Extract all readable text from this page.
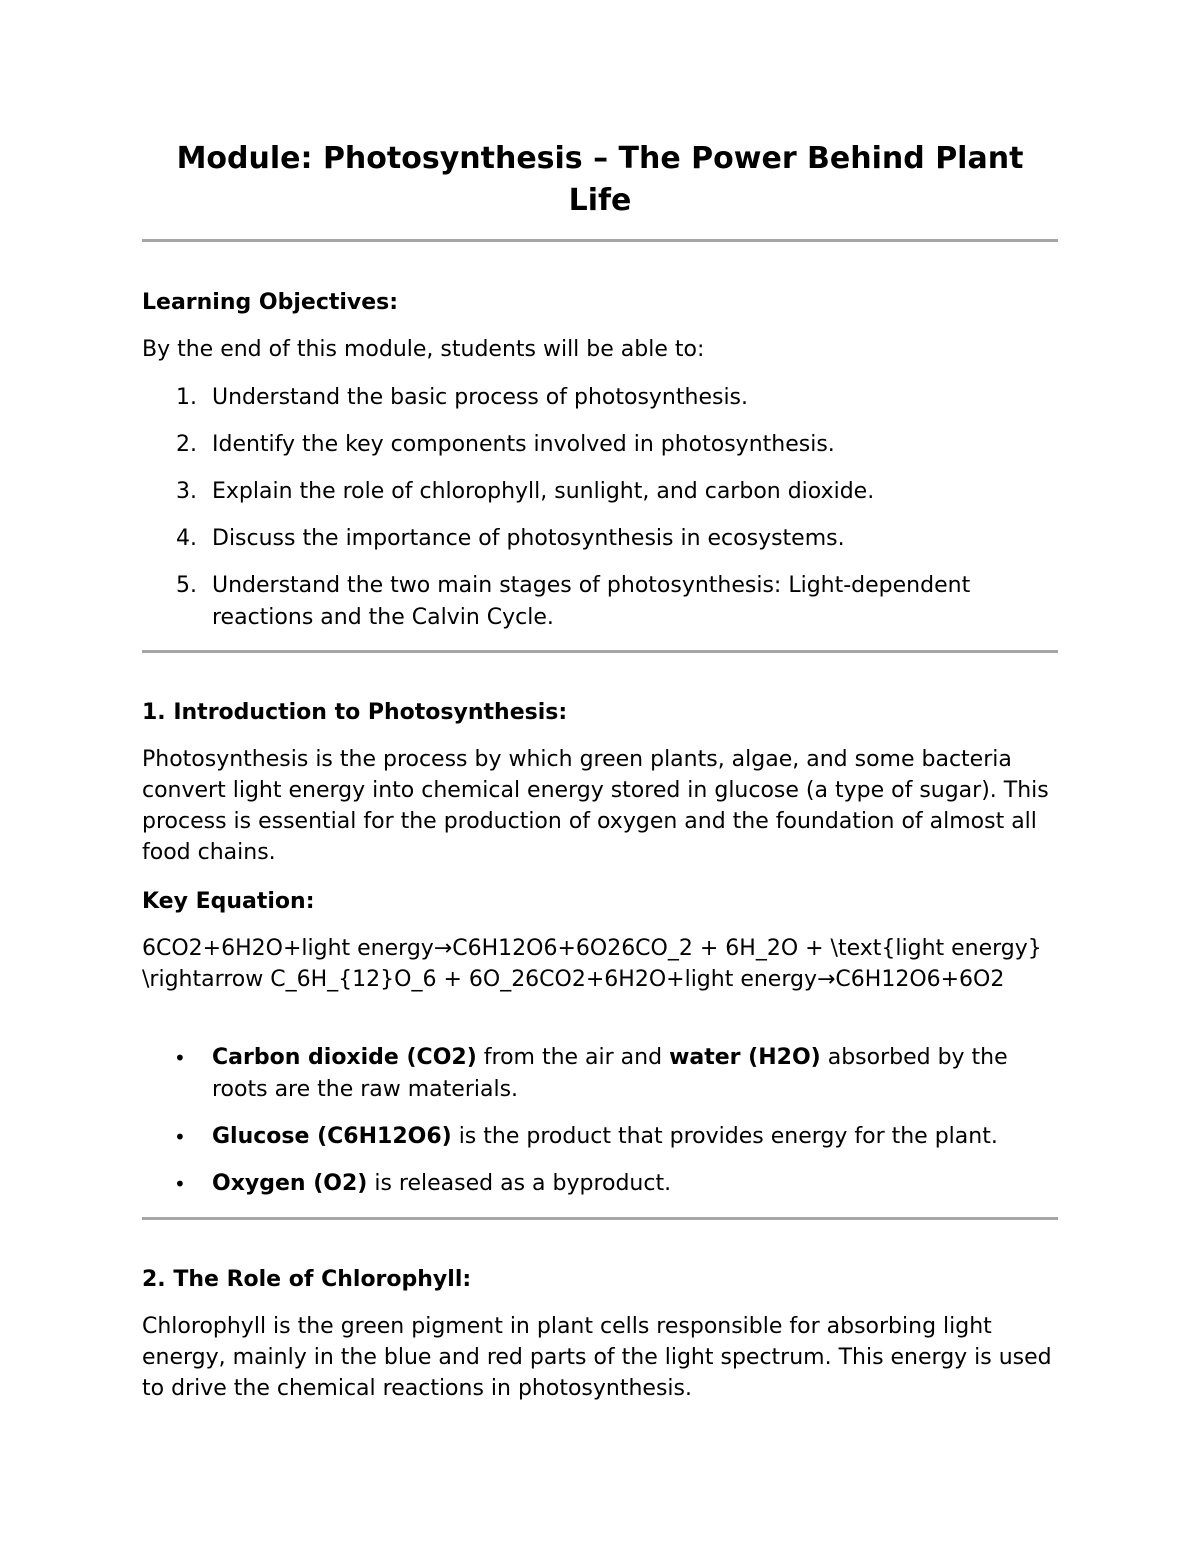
Module: Photosynthesis – The Power Behind Plant Life

Learning Objectives:

By the end of this module, students will be able to:

1. Understand the basic process of photosynthesis.
2. Identify the key components involved in photosynthesis.
3. Explain the role of chlorophyll, sunlight, and carbon dioxide.
4. Discuss the importance of photosynthesis in ecosystems.
5. Understand the two main stages of photosynthesis: Light-dependent reactions and the Calvin Cycle.

1. Introduction to Photosynthesis:

Photosynthesis is the process by which green plants, algae, and some bacteria convert light energy into chemical energy stored in glucose (a type of sugar). This process is essential for the production of oxygen and the foundation of almost all food chains.

Key Equation:

6CO2+6H2O+light energy→C6H12O6+6O26CO_2 + 6H_2O + \text{light energy} \rightarrow C_6H_{12}O_6 + 6O_26CO2+6H2O+light energy→C6H12O6+6O2

• Carbon dioxide (CO2) from the air and water (H2O) absorbed by the roots are the raw materials.
• Glucose (C6H12O6) is the product that provides energy for the plant.
• Oxygen (O2) is released as a byproduct.

2. The Role of Chlorophyll:

Chlorophyll is the green pigment in plant cells responsible for absorbing light energy, mainly in the blue and red parts of the light spectrum. This energy is used to drive the chemical reactions in photosynthesis.
